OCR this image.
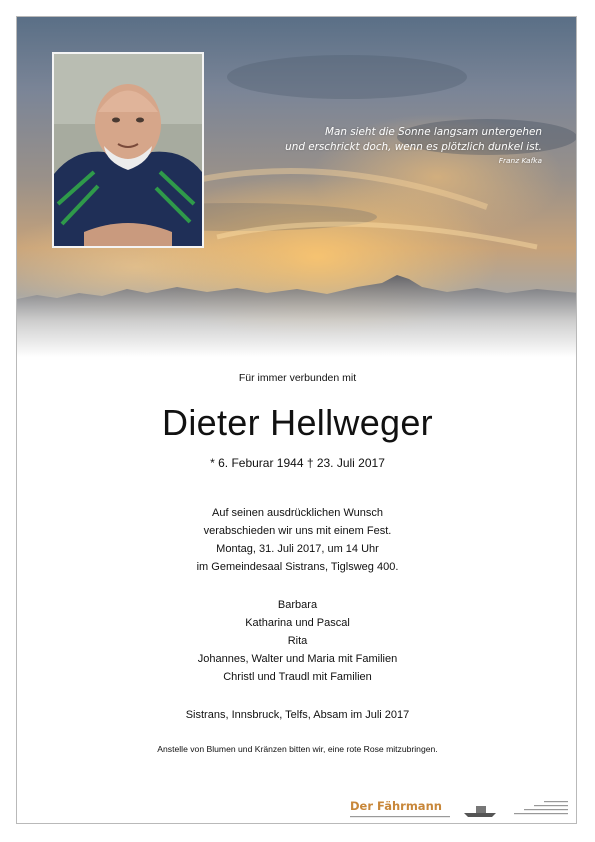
Man sieht die Sonne langsam untergehen
und erschrickt doch, wenn es plötzlich dunkel ist.
Franz Kafka
Für immer verbunden mit
Dieter Hellweger
* 6. Feburar 1944 † 23. Juli 2017
Auf seinen ausdrücklichen Wunsch
verabschieden wir uns mit einem Fest.
Montag, 31. Juli 2017, um 14 Uhr
im Gemeindesaal Sistrans, Tiglsweg 400.
Barbara
Katharina und Pascal
Rita
Johannes, Walter und Maria mit Familien
Christl und Traudl mit Familien
Sistrans, Innsbruck, Telfs, Absam im Juli 2017
Anstelle von Blumen und Kränzen bitten wir, eine rote Rose mitzubringen.
Der Fährmann
